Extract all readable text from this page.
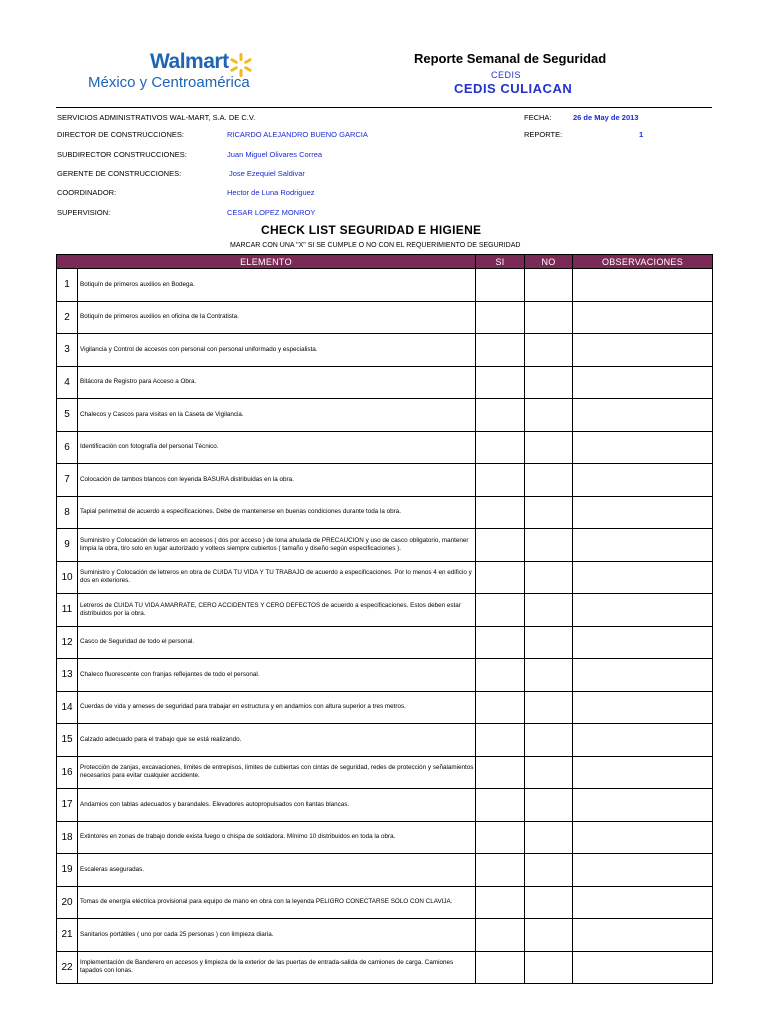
Walmart
México y Centroamérica
Reporte Semanal de Seguridad
CEDIS
CEDIS CULIACAN
SERVICIOS ADMINISTRATIVOS WAL-MART, S.A. DE C.V.	FECHA:	26 de May de 2013
DIRECTOR DE CONSTRUCCIONES:	RICARDO ALEJANDRO BUENO GARCIA	REPORTE:	1
SUBDIRECTOR CONSTRUCCIONES:	Juan Miguel Olivares Correa
GERENTE DE CONSTRUCCIONES:	Jose Ezequiel Saldivar
COORDINADOR:	Hector de Luna Rodriguez
SUPERVISION:	CESAR LOPEZ MONROY
CHECK LIST SEGURIDAD E HIGIENE
MARCAR CON UNA "X" SI SE CUMPLE O NO CON EL REQUERIMIENTO DE SEGURIDAD
ELEMENTO		SI	NO	OBSERVACIONES
1	Botiquín de primeros auxilios en Bodega.			
2	Botiquín de primeros auxilios en oficina de la Contratista.			
3	Vigilancia y Control de accesos con personal con personal uniformado y especialista.			
4	Bitácora de Registro para Acceso a Obra.			
5	Chalecos y Cascos para visitas en la Caseta de Vigilancia.			
6	Identificación con fotografía del personal Técnico.			
7	Colocación de tambos blancos con leyenda BASURA distribuidas en la obra.			
8	Tapial perimetral de acuerdo a especificaciones. Debe de mantenerse en buenas condiciones durante toda la obra.			
9	Suministro y Colocación de letreros en accesos ( dos por acceso ) de lona ahulada de PRECAUCION y uso de casco obligatorio, mantener limpia la obra, tiro solo en lugar autorizado y volteos siempre cubiertos ( tamaño y diseño según especificaciones ).			
10	Suministro y Colocación de letreros en obra de CUIDA TU VIDA Y TU TRABAJO de acuerdo a especificaciones. Por lo menos 4 en edificio y dos en exteriores.			
11	Letreros de CUIDA TU VIDA AMARRATE, CERO ACCIDENTES Y CERO DEFECTOS de acuerdo a especificaciones. Estos deben estar distribuidos por la obra.			
12	Casco de Seguridad de todo el personal.			
13	Chaleco fluorescente con franjas reflejantes de todo el personal.			
14	Cuerdas de vida y arneses de seguridad para trabajar en estructura y en andamios con altura superior a tres metros.			
15	Calzado adecuado para el trabajo que se está realizando.			
16	Protección de zanjas, excavaciones, límites de entrepisos, límites de cubiertas con cintas de seguridad, redes de protección y señalamientos necesarios para evitar cualquier accidente.			
17	Andamios con tablas adecuados y barandales. Elevadores autopropulsados con llantas blancas.			
18	Extintores en zonas de trabajo donde exista fuego o chispa de soldadora. Mínimo 10 distribuidos en toda la obra.			
19	Escaleras aseguradas.			
20	Tomas de energía eléctrica provisional para equipo de mano en obra con la leyenda PELIGRO CONECTARSE SOLO CON CLAVIJA.			
21	Sanitarios portátiles ( uno por cada 25 personas ) con limpieza diaria.			
22	Implementación de Banderero en accesos y limpieza de la exterior de las puertas de entrada-salida de camiones de carga. Camiones tapados con lonas.			
